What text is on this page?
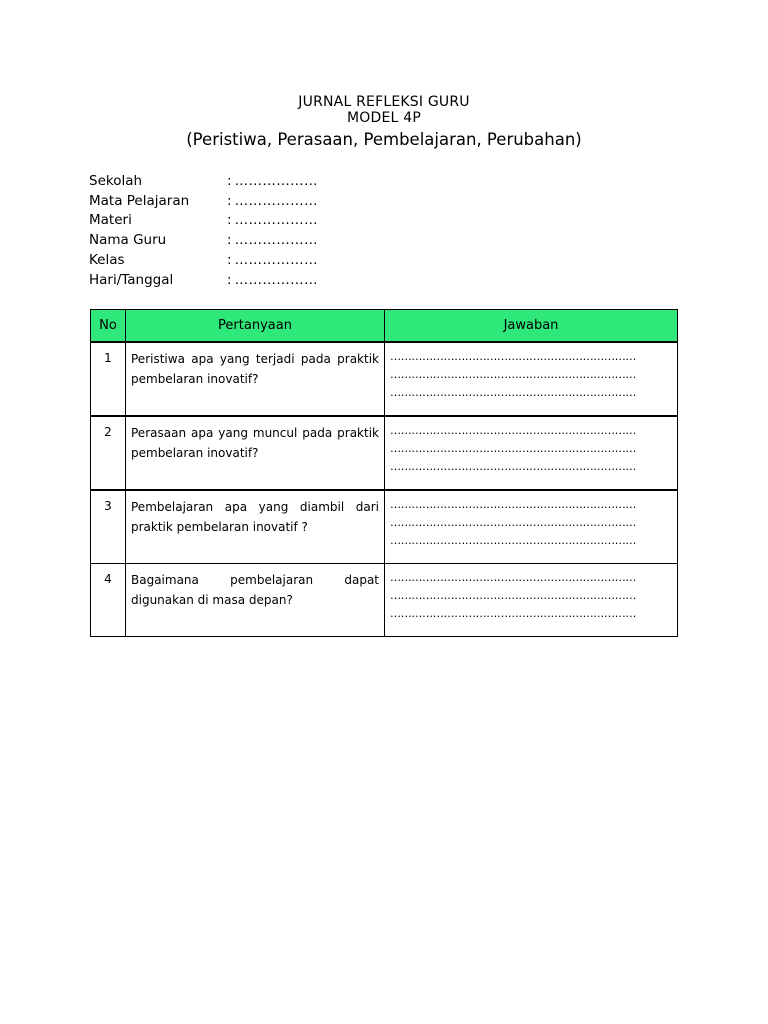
JURNAL REFLEKSI GURU
MODEL 4P
(Peristiwa, Perasaan, Pembelajaran, Perubahan)
Sekolah	: ………………
Mata Pelajaran	: ………………
Materi	: ………………
Nama Guru	: ………………
Kelas	: ………………
Hari/Tanggal	: ………………
No	Pertanyaan	Jawaban
1	Peristiwa apa yang terjadi pada praktik pembelaran inovatif?	……………………………………………………………
……………………………………………………………
……………………………………………………………

2	Perasaan apa yang muncul pada praktik pembelaran inovatif?	……………………………………………………………
……………………………………………………………
……………………………………………………………

3	Pembelajaran apa yang diambil dari praktik pembelaran inovatif ?	……………………………………………………………
……………………………………………………………
……………………………………………………………

4	Bagaimana pembelajaran dapat digunakan di masa depan?	……………………………………………………………
……………………………………………………………
……………………………………………………………
